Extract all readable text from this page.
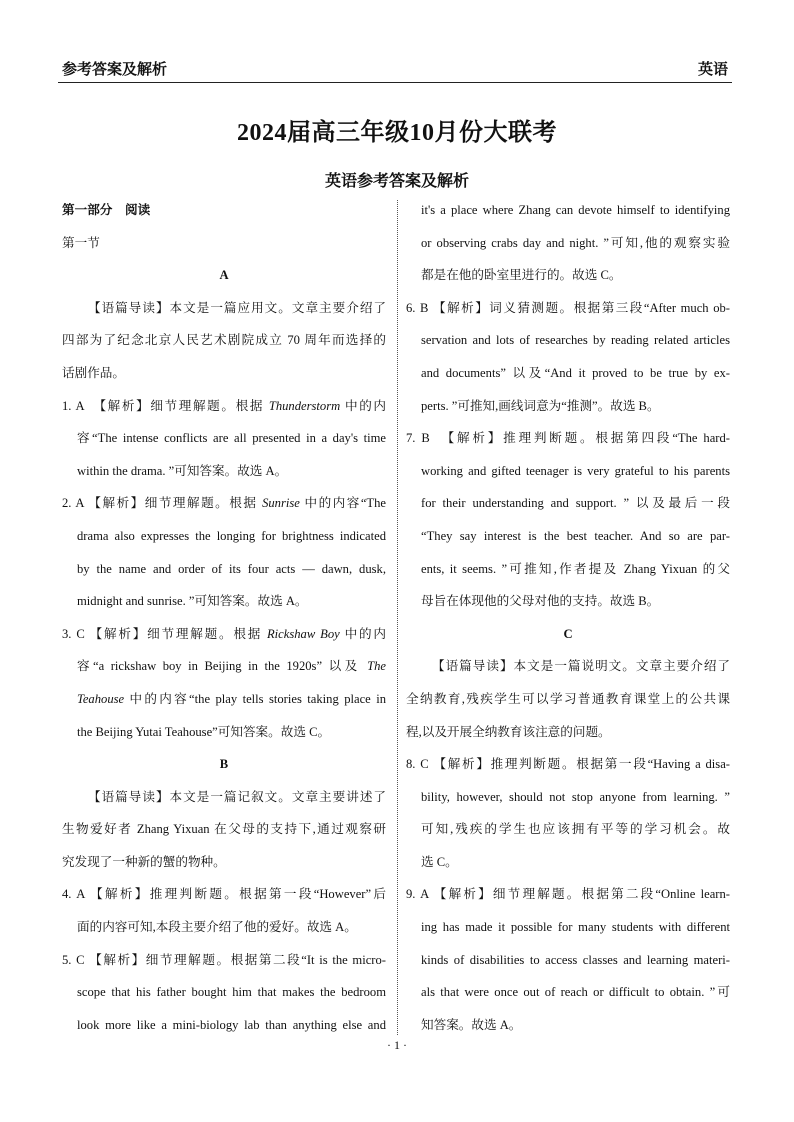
参考答案及解析	英语
2024届高三年级10月份大联考
英语参考答案及解析
第一部分　阅读
第一节
A
【语篇导读】本文是一篇应用文。文章主要介绍了
四部为了纪念北京人民艺术剧院成立 70 周年而选择的
话剧作品。
1. A　【解析】细节理解题。根据 Thunderstorm 中的内
容“The intense conflicts are all presented in a day's time
within the drama. ”可知答案。故选 A。
2. A 【解析】细节理解题。根据 Sunrise 中的内容“The
drama also expresses the longing for brightness indicated
by the name and order of its four acts — dawn, dusk,
midnight and sunrise. ”可知答案。故选 A。
3. C 【解析】细节理解题。根据 Rickshaw Boy 中的内
容“a rickshaw boy in Beijing in the 1920s” 以及 The
Teahouse 中的内容“the play tells stories taking place in
the Beijing Yutai Teahouse”可知答案。故选 C。
B
【语篇导读】本文是一篇记叙文。文章主要讲述了
生物爱好者 Zhang Yixuan 在父母的支持下,通过观察研
究发现了一种新的蟹的物种。
4. A 【解析】推理判断题。根据第一段“However”后
面的内容可知,本段主要介绍了他的爱好。故选 A。
5. C 【解析】细节理解题。根据第二段“It is the micro-
scope that his father bought him that makes the bedroom
look more like a mini-biology lab than anything else and
it's a place where Zhang can devote himself to identifying
or observing crabs day and night. ”可知,他的观察实验
都是在他的卧室里进行的。故选 C。
6. B 【解析】词义猜测题。根据第三段“After much ob-
servation and lots of researches by reading related articles
and documents” 以及“And it proved to be true by ex-
perts. ”可推知,画线词意为“推测”。故选 B。
7. B　【解析】推理判断题。根据第四段“The hard-
working and gifted teenager is very grateful to his parents
for their understanding and support. ” 以及最后一段
“They say interest is the best teacher. And so are par-
ents, it seems. ”可推知,作者提及 Zhang Yixuan 的父
母旨在体现他的父母对他的支持。故选 B。
C
【语篇导读】本文是一篇说明文。文章主要介绍了
全纳教育,残疾学生可以学习普通教育课堂上的公共课
程,以及开展全纳教育该注意的问题。
8. C 【解析】推理判断题。根据第一段“Having a disa-
bility, however, should not stop anyone from learning. ”
可知,残疾的学生也应该拥有平等的学习机会。故
选 C。
9. A 【解析】细节理解题。根据第二段“Online learn-
ing has made it possible for many students with different
kinds of disabilities to access classes and learning materi-
als that were once out of reach or difficult to obtain. ”可
知答案。故选 A。
· 1 ·
